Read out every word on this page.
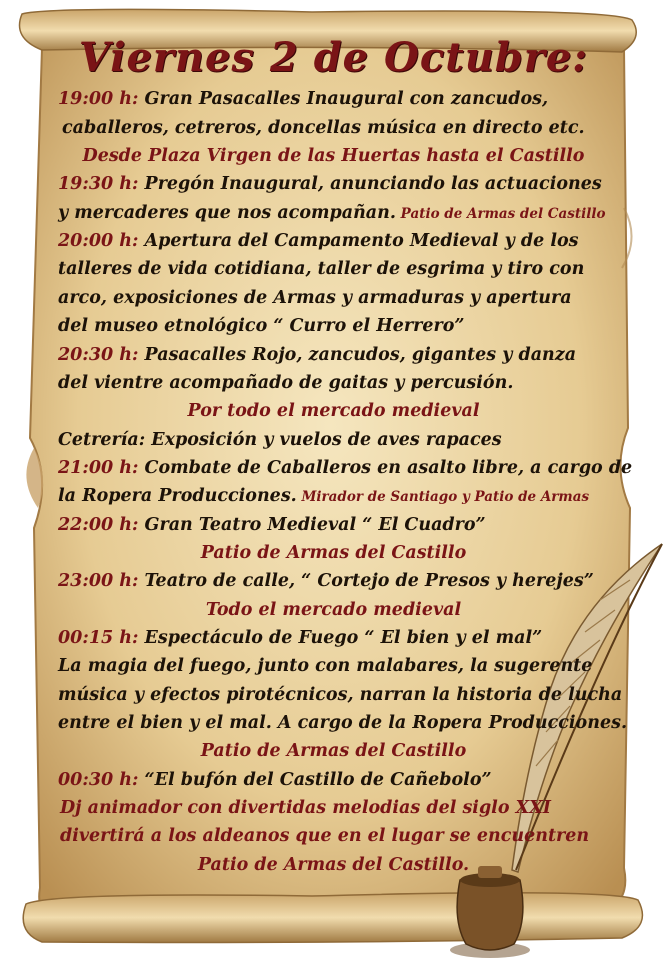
Viernes 2 de Octubre:
19:00 h: Gran Pasacalles Inaugural con zancudos,
caballeros, cetreros, doncellas música en directo etc.
Desde Plaza Virgen de las Huertas hasta el Castillo
19:30 h: Pregón Inaugural, anunciando las actuaciones
y mercaderes que nos acompañan. Patio de Armas del Castillo
20:00 h: Apertura del Campamento Medieval y de los
talleres de vida cotidiana, taller de esgrima y tiro con
arco, exposiciones de Armas y armaduras y apertura
del museo etnológico “ Curro el Herrero”
20:30 h: Pasacalles Rojo, zancudos, gigantes y danza
del vientre acompañado de gaitas y percusión.
Por todo el mercado medieval
Cetrería: Exposición y vuelos de aves rapaces
21:00 h: Combate de Caballeros en asalto libre, a cargo de
la Ropera Producciones. Mirador de Santiago y Patio de Armas
22:00 h: Gran Teatro Medieval “ El Cuadro”
Patio de Armas del Castillo
23:00 h: Teatro de calle, “ Cortejo de Presos y herejes”
Todo el mercado medieval
00:15 h: Espectáculo de Fuego “ El bien y el mal”
La magia del fuego, junto con malabares, la sugerente
música y efectos pirotécnicos, narran la historia de lucha
entre el bien y el mal. A cargo de la Ropera Producciones.
Patio de Armas del Castillo
00:30 h: “El bufón del Castillo de Cañebolo”
Dj animador con divertidas melodias del siglo XXI
divertirá a los aldeanos que en el lugar se encuentren
Patio de Armas del Castillo.
